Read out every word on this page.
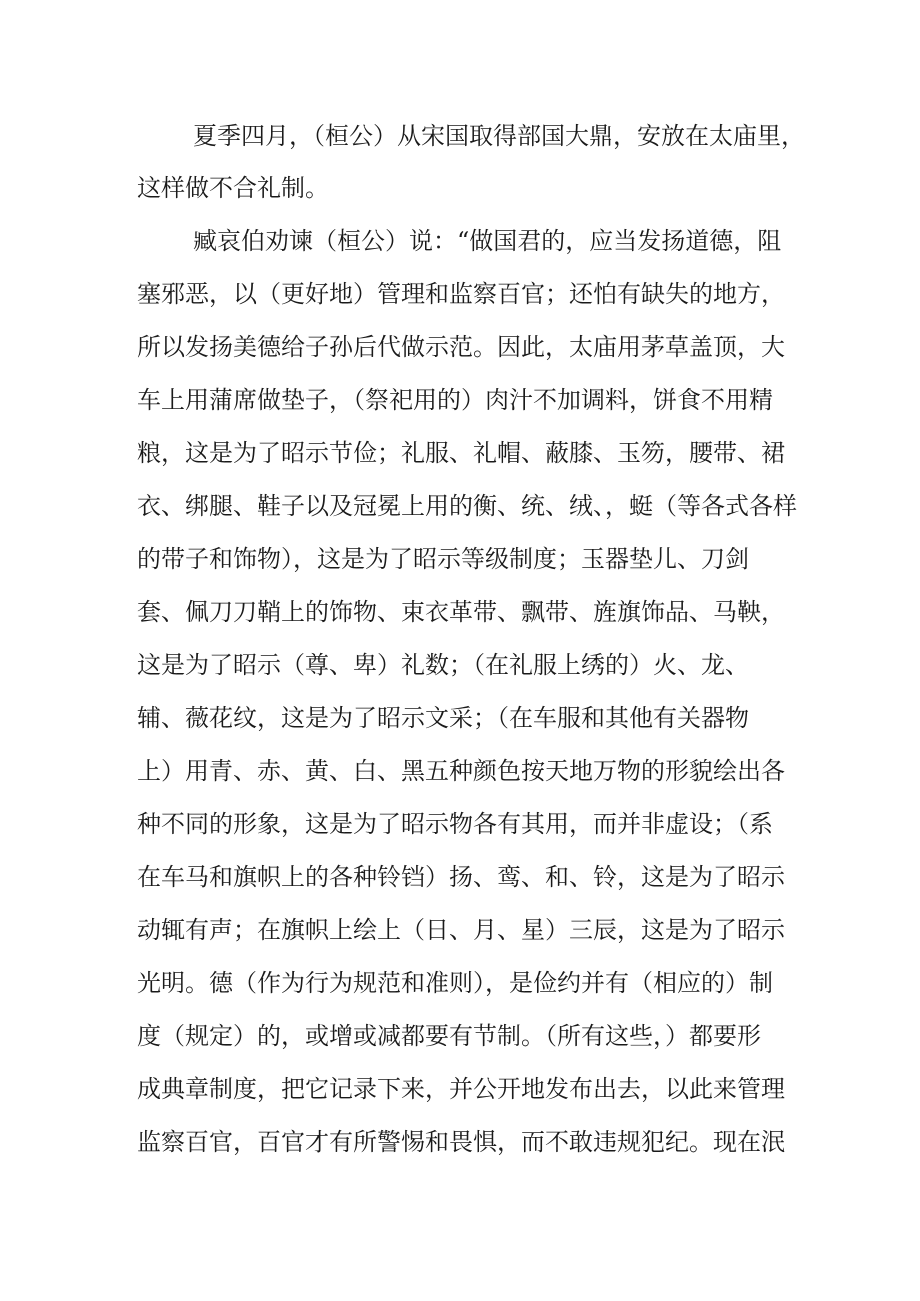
夏季四月，（桓公）从宋国取得部国大鼎，安放在太庙里，
这样做不合礼制。
臧哀伯劝谏（桓公）说：“做国君的，应当发扬道德，阻
塞邪恶，以（更好地）管理和监察百官；还怕有缺失的地方，
所以发扬美德给子孙后代做示范。因此，太庙用茅草盖顶，大
车上用蒲席做垫子，（祭祀用的）肉汁不加调料，饼食不用精
粮，这是为了昭示节俭；礼服、礼帽、蔽膝、玉笏，腰带、裙
衣、绑腿、鞋子以及冠冕上用的衡、统、绒、，蜓（等各式各样
的带子和饰物），这是为了昭示等级制度；玉器垫儿、刀剑
套、佩刀刀鞘上的饰物、束衣革带、飘带、旌旗饰品、马鞅，
这是为了昭示（尊、卑）礼数；（在礼服上绣的）火、龙、
辅、薇花纹，这是为了昭示文采；（在车服和其他有关器物
上）用青、赤、黄、白、黑五种颜色按天地万物的形貌绘出各
种不同的形象，这是为了昭示物各有其用，而并非虚设；（系
在车马和旗帜上的各种铃铛）扬、鸾、和、铃，这是为了昭示
动辄有声；在旗帜上绘上（日、月、星）三辰，这是为了昭示
光明。德（作为行为规范和准则），是俭约并有（相应的）制
度（规定）的，或增或减都要有节制。（所有这些，）都要形
成典章制度，把它记录下来，并公开地发布出去，以此来管理
监察百官，百官才有所警惕和畏惧，而不敢违规犯纪。现在泯
